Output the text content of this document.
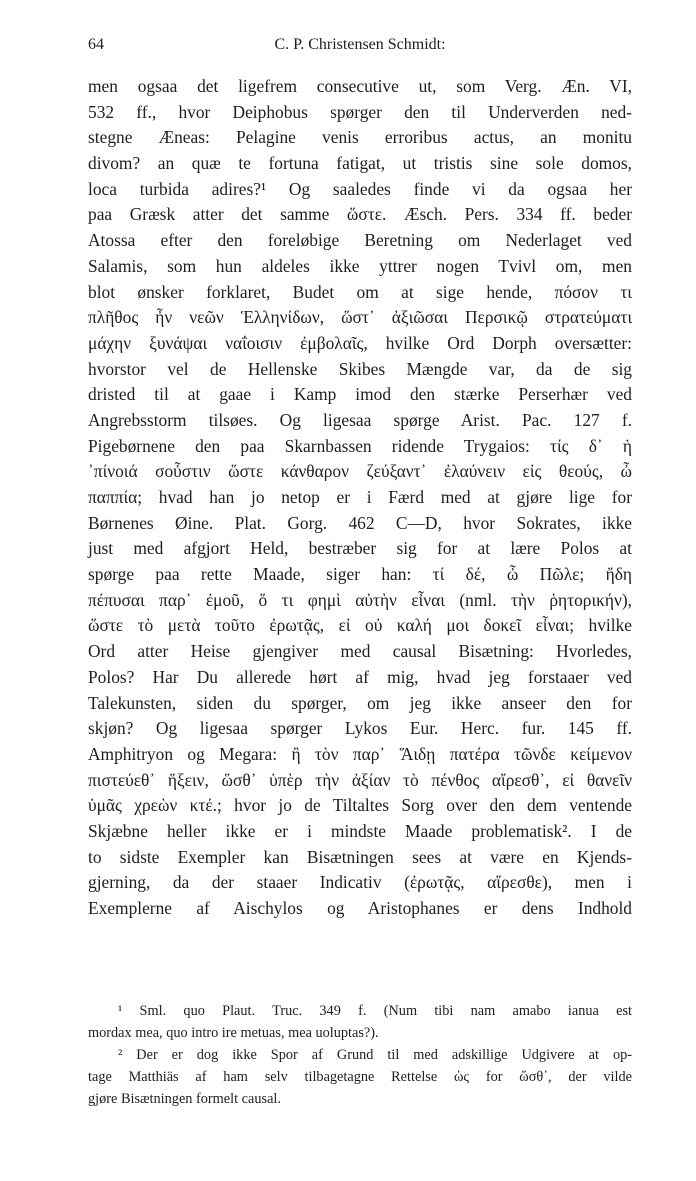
64	C. P. Christensen Schmidt:
men ogsaa det ligefrem consecutive ut, som Verg. Æn. VI,
532 ff., hvor Deiphobus spørger den til Underverden ned-
stegne Æneas: Pelagine venis erroribus actus, an monitu
divom? an quæ te fortuna fatigat, ut tristis sine sole domos,
loca turbida adires?¹ Og saaledes finde vi da ogsaa her
paa Græsk atter det samme ὥστε. Æsch. Pers. 334 ff. beder
Atossa efter den foreløbige Beretning om Nederlaget ved
Salamis, som hun aldeles ikke yttrer nogen Tvivl om, men
blot ønsker forklaret, Budet om at sige hende, πόσον τι
πλῆθος ἦν νεῶν Ἑλληνίδων, ὥστ᾽ ἀξιῶσαι Περσικῷ στρατεύματι
μάχην ξυνάψαι ναΐοισιν ἐμβολαῖς, hvilke Ord Dorph oversætter:
hvorstor vel de Hellenske Skibes Mængde var, da de sig
dristed til at gaae i Kamp imod den stærke Perserhær ved
Angrebsstorm tilsøes. Og ligesaa spørge Arist. Pac. 127 f.
Pigebørnene den paa Skarnbassen ridende Trygaios: τίς δ᾽ ἡ
᾽πίνοιά σοὖστιν ὥστε κάνθαρον ζεύξαντ᾽ ἐλαύνειν εἰς θεούς, ὦ
παππία; hvad han jo netop er i Færd med at gjøre lige for
Børnenes Øine. Plat. Gorg. 462 C—D, hvor Sokrates, ikke
just med afgjort Held, bestræber sig for at lære Polos at
spørge paa rette Maade, siger han: τί δέ, ὦ Πῶλε; ἤδη
πέπυσαι παρ᾽ ἐμοῦ, ὅ τι φημὶ αὐτὴν εἶναι (nml. τὴν ῥητορικήν),
ὥστε τὸ μετὰ τοῦτο ἐρωτᾷς, εἰ οὐ καλή μοι δοκεῖ εἶναι; hvilke
Ord atter Heise gjengiver med causal Bisætning: Hvorledes,
Polos? Har Du allerede hørt af mig, hvad jeg forstaaer ved
Talekunsten, siden du spørger, om jeg ikke anseer den for
skjøn? Og ligesaa spørger Lykos Eur. Herc. fur. 145 ff.
Amphitryon og Megara: ἢ τὸν παρ᾽ Ἅιδῃ πατέρα τῶνδε κείμενον
πιστεύεθ᾽ ἥξειν, ὥσθ᾽ ὑπὲρ τὴν ἀξίαν τὸ πένθος αἴρεσθ᾽, εἰ θανεῖν
ὑμᾶς χρεὼν κτέ.; hvor jo de Tiltaltes Sorg over den dem ventende
Skjæbne heller ikke er i mindste Maade problematisk². I de
to sidste Exempler kan Bisætningen sees at være en Kjends-
gjerning, da der staaer Indicativ (ἐρωτᾷς, αἴρεσθε), men i
Exemplerne af Aischylos og Aristophanes er dens Indhold
¹ Sml. quo Plaut. Truc. 349 f. (Num tibi nam amabo ianua est
mordax mea, quo intro ire metuas, mea uoluptas?).
² Der er dog ikke Spor af Grund til med adskillige Udgivere at op-
tage Matthiäs af ham selv tilbagetagne Rettelse ὡς for ὥσθ᾽, der vilde
gjøre Bisætningen formelt causal.
